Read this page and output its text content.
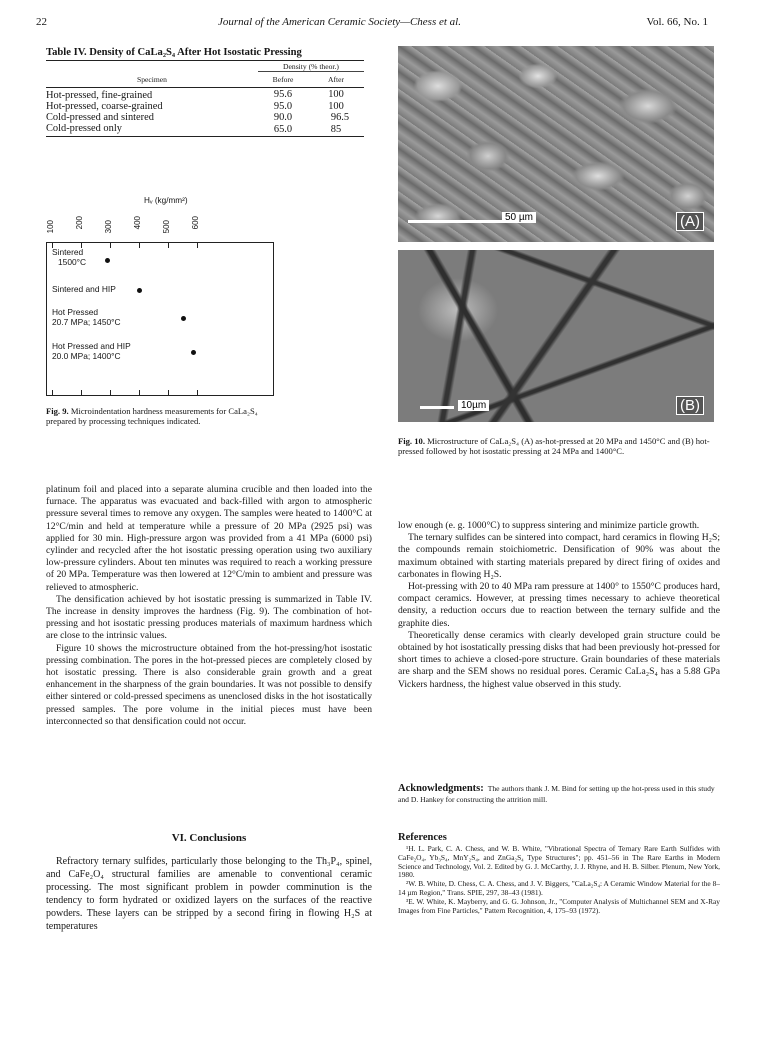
22	Journal of the American Ceramic Society—Chess et al.	Vol. 66, No. 1
Table IV. Density of CaLa₂S₄ After Hot Isostatic Pressing
Density (% theor.)
Specimen	Before	After
Hot-pressed, fine-grained	95.6	100
Hot-pressed, coarse-grained	95.0	100
Cold-pressed and sintered	90.0	96.5
Cold-pressed only	65.0	85
Hᵥ (kg/mm²)
100	200	300	400	500	600
Sintered
1500°C
Sintered and HIP
Hot Pressed
20.7 MPa; 1450°C
Hot Pressed and HIP
20.0 MPa; 1400°C
Fig. 9. Microindentation hardness measurements for CaLa₂S₄ prepared by processing techniques indicated.
50 µm	(A)
10µm	(B)
Fig. 10. Microstructure of CaLa₂S₄ (A) as-hot-pressed at 20 MPa and 1450°C and (B) hot-pressed followed by hot isostatic pressing at 24 MPa and 1400°C.

platinum foil and placed into a separate alumina crucible and then loaded into the furnace. The apparatus was evacuated and back-filled with argon to atmospheric pressure several times to remove any oxygen. The samples were heated to 1400°C at 12°C/min and held at temperature while a pressure of 20 MPa (2925 psi) was applied for 30 min. High-pressure argon was provided from a 41 MPa (6000 psi) cylinder and recycled after the hot isostatic pressing operation using two auxiliary low-pressure cylinders. About ten minutes was required to reach a working pressure of 20 MPa. Temperature was then lowered at 12°C/min to ambient and pressure was relieved to atmospheric.

The densification achieved by hot isostatic pressing is summarized in Table IV. The increase in density improves the hardness (Fig. 9). The combination of hot-pressing and hot isostatic pressing produces materials of maximum hardness which are close to the intrinsic values.

Figure 10 shows the microstructure obtained from the hot-pressing/hot isostatic pressing combination. The pores in the hot-pressed pieces are completely closed by hot isostatic pressing. There is also considerable grain growth and a great enhancement in the sharpness of the grain boundaries. It was not possible to densify either sintered or cold-pressed specimens as unenclosed disks in the hot isostatically pressed samples. The pore volume in the initial pieces must have been interconnected so that densification could not occur.

VI. Conclusions

Refractory ternary sulfides, particularly those belonging to the Th₃P₄, spinel, and CaFe₂O₄ structural families are amenable to conventional ceramic processing. The most significant problem in powder comminution is the tendency to form hydrated or oxidized layers on the surfaces of the reactive powders. These layers can be stripped by a second firing in flowing H₂S at temperatures

low enough (e. g. 1000°C) to suppress sintering and minimize particle growth.

The ternary sulfides can be sintered into compact, hard ceramics in flowing H₂S; the compounds remain stoichiometric. Densification of 90% was about the maximum obtained with starting materials prepared by direct firing of oxides and carbonates in flowing H₂S.

Hot-pressing with 20 to 40 MPa ram pressure at 1400° to 1550°C produces hard, compact ceramics. However, at pressing times necessary to achieve theoretical density, a reduction occurs due to reaction between the ternary sulfide and the graphite dies.

Theoretically dense ceramics with clearly developed grain structure could be obtained by hot isostatically pressing disks that had been previously hot-pressed for short times to achieve a closed-pore structure. Grain boundaries of these materials are sharp and the SEM shows no residual pores. Ceramic CaLa₂S₄ has a 5.88 GPa Vickers hardness, the highest value observed in this study.

Acknowledgments: The authors thank J. M. Bind for setting up the hot-press used in this study and D. Hankey for constructing the attrition mill.
References
¹H. L. Park, C. A. Chess, and W. B. White, "Vibrational Spectra of Ternary Rare Earth Sulfides with CaFe₂O₄, Yb₃S₄, MnY₂S₄, and ZnGa₂S₄ Type Structures"; pp. 451–56 in The Rare Earths in Modern Science and Technology, Vol. 2. Edited by G. J. McCarthy, J. J. Rhyne, and H. B. Silber. Plenum, New York, 1980.
²W. B. White, D. Chess, C. A. Chess, and J. V. Biggers, "CaLa₂S₄: A Ceramic Window Material for the 8–14 µm Region," Trans. SPIE, 297, 38–43 (1981).
³E. W. White, K. Mayberry, and G. G. Johnson, Jr., "Computer Analysis of Multichannel SEM and X-Ray Images from Fine Particles," Pattern Recognition, 4, 175–93 (1972).
